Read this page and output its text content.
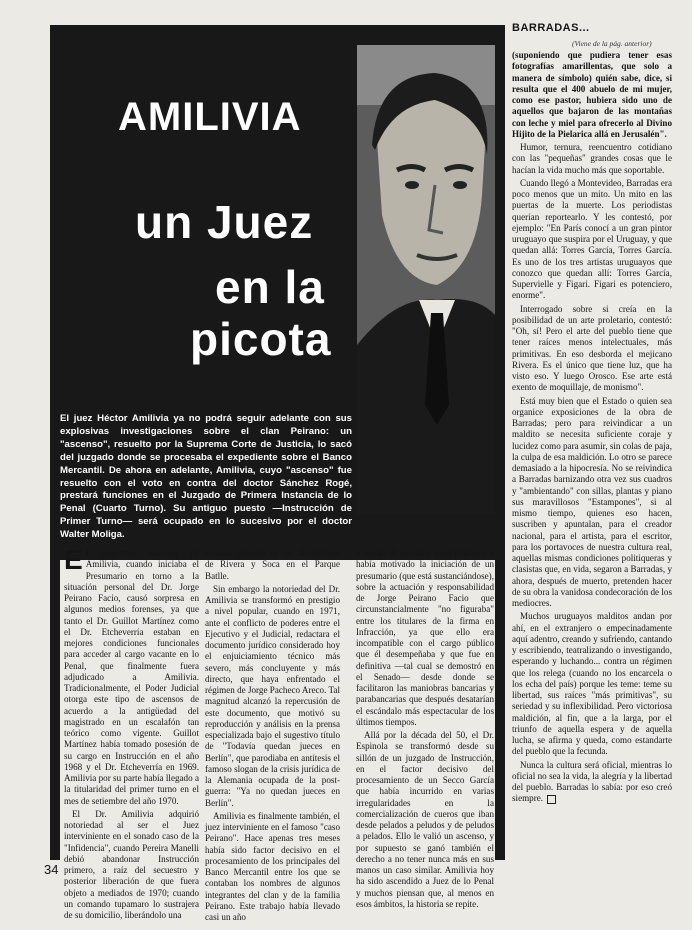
AMILIVIA
un Juez
en la
picota

El juez Héctor Amilivia ya no podrá seguir adelante con sus explosivas investigaciones sobre el clan Peirano: un "ascenso", resuelto por la Suprema Corte de Justicia, lo sacó del juzgado donde se procesaba el expediente sobre el Banco Mercantil. De ahora en adelante, Amilivia, cuyo "ascenso" fue resuelto con el voto en contra del doctor Sánchez Rogé, prestará funciones en el Juzgado de Primera Instancia de lo Penal (Cuarto Turno). Su antiguo puesto —Instrucción de Primer Turno— será ocupado en lo sucesivo por el doctor Walter Moliga.

El sugestivo ascenso de Amilivia, cuando iniciaba el Presumario en torno a la situación personal del Dr. Jorge Peirano Facio, causó sorpresa en algunos medios forenses, ya que tanto el Dr. Guillot Martínez como el Dr. Etcheverría estaban en mejores condiciones funcionales para acceder al cargo vacante en lo Penal, que finalmente fuera adjudicado a Amilivia. Tradicionalmente, el Poder Judicial otorga este tipo de ascensos de acuerdo a la antigüedad del magistrado en un escalafón tan teórico como vigente. Guillot Martínez había tomado posesión de su cargo en Instrucción en el año 1968 y el Dr. Etcheverría en 1969. Amilivia por su parte había llegado a la titularidad del primer turno en el mes de setiembre del año 1970.

El Dr. Amilivia adquirió notoriedad al ser el Juez interviniente en el sonado caso de la "Infidencia", cuando Pereira Manelli debió abandonar Instrucción primero, a raíz del secuestro y posterior liberación de que fuera objeto a mediados de 1970; cuando un comando tupamaro lo sustrajera de su domicilio, liberándolo una

semana después en los alrededores de Rivera y Soca en el Parque Batlle.

Sin embargo la notoriedad del Dr. Amilivia se transformó en prestigio a nivel popular, cuando en 1971, ante el conflicto de poderes entre el Ejecutivo y el Judicial, redactara el documento jurídico considerado hoy el enjuiciamiento técnico más severo, más concluyente y más directo, que haya enfrentado el régimen de Jorge Pacheco Areco. Tal magnitud alcanzó la repercusión de este documento, que motivó su reproducción y análisis en la prensa especializada bajo el sugestivo título de "Todavía quedan jueces en Berlín", que parodiaba en antítesis el famoso slogan de la crisis jurídica de la Alemania ocupada de la post-guerra: "Ya no quedan jueces en Berlín".

Amilivia es finalmente también, el juez interviniente en el famoso "caso Peirano". Hace apenas tres meses había sido factor decisivo en el procesamiento de los principales del Banco Mercantil entre los que se contaban los nombres de algunos integrantes del clan y de la familia Peirano. Este trabajo había llevado casi un año

y medio de estudios especializados y había motivado la iniciación de un presumario (que está sustanciándose), sobre la actuación y responsabilidad de Jorge Peirano Facio que circunstancialmente "no figuraba" entre los titulares de la firma en Infracción, ya que ello era incompatible con el cargo público que él desempeñaba y que fue en definitiva —tal cual se demostró en el Senado— desde donde se facilitaron las maniobras bancarias y parabancarias que después desatarían el escándalo más espectacular de los últimos tiempos.

Allá por la década del 50, el Dr. Espinola se transformó desde su sillón de un juzgado de Instrucción, en el factor decisivo del procesamiento de un Secco García que había incurrido en varias irregularidades en la comercialización de cueros que iban desde pelados a peludos y de peludos a pelados. Ello le valió un ascenso, y por supuesto se ganó también el derecho a no tener nunca más en sus manos un caso similar. Amilivia hoy ha sido ascendido a Juez de lo Penal y muchos piensan que, al menos en esos ámbitos, la historia se repite.

BARRADAS...

(Viene de la pág. anterior)

(suponiendo que pudiera tener esas fotografías amarillentas, que solo a manera de símbolo) quién sabe, dice, si resulta que el 400 abuelo de mi mujer, como ese pastor, hubiera sido uno de aquellos que bajaron de las montañas con leche y miel para ofrecerlo al Divino Hijito de la Pielarica allá en Jerusalén".

Humor, ternura, reencuentro cotidiano con las "pequeñas" grandes cosas que le hacían la vida mucho más que soportable.

Cuando llegó a Montevideo, Barradas era poco menos que un mito. Un mito en las puertas de la muerte. Los periodistas querían reportearlo. Y les contestó, por ejemplo: "En París conocí a un gran pintor uruguayo que suspira por el Uruguay, y que quedan allá: Torres García, Torres García. Es uno de los tres artistas uruguayos que conozco que quedan allí: Torres García, Supervielle y Figari. Figari es potenciero, enorme".

Interrogado sobre si creía en la posibilidad de un arte proletario, contestó: "Oh, sí! Pero el arte del pueblo tiene que tener raíces menos intelectuales, más primitivas. En eso desborda el mejicano Rivera. Es el único que tiene luz, que ha visto eso. Y luego Orosco. Ese arte está exento de moquillaje, de monismo".

Está muy bien que el Estado o quien sea organice exposiciones de la obra de Barradas; pero para reivindicar a un maldito se necesita suficiente coraje y lucidez como para asumir, sin colas de paja, la culpa de esa maldición. Lo otro se parece demasiado a la hipocresía. No se reivindica a Barradas barnizando otra vez sus cuadros y "ambientando" con sillas, plantas y piano sus maravillosos "Estampones", si al mismo tiempo, quienes eso hacen, suscriben y apuntalan, para el creador nacional, para el artista, para el escritor, para los portavoces de nuestra cultura real, aquellas mismas condiciones politiqueras y clasistas que, en vida, segaron a Barradas, y ahora, después de muerto, pretenden hacer de su obra la vanidosa condecoración de los mediocres.

Muchos uruguayos malditos andan por ahí, en el extranjero o empecinadamente aquí adentro, creando y sufriendo, cantando y escribiendo, teatralizando o investigando, esperando y luchando... contra un régimen que los relega (cuando no los encarcela o los echa del país) porque les teme: teme su libertad, sus raíces "más primitivas", su seriedad y su inflexibilidad. Pero victoriosa maldición, al fin, que a la larga, por el triunfo de aquella espera y de aquella lucha, se afirma y queda, como estandarte del pueblo que la fecunda.

Nunca la cultura será oficial, mientras lo oficial no sea la vida, la alegría y la libertad del pueblo. Barradas lo sabía: por eso creó siempre.

34
